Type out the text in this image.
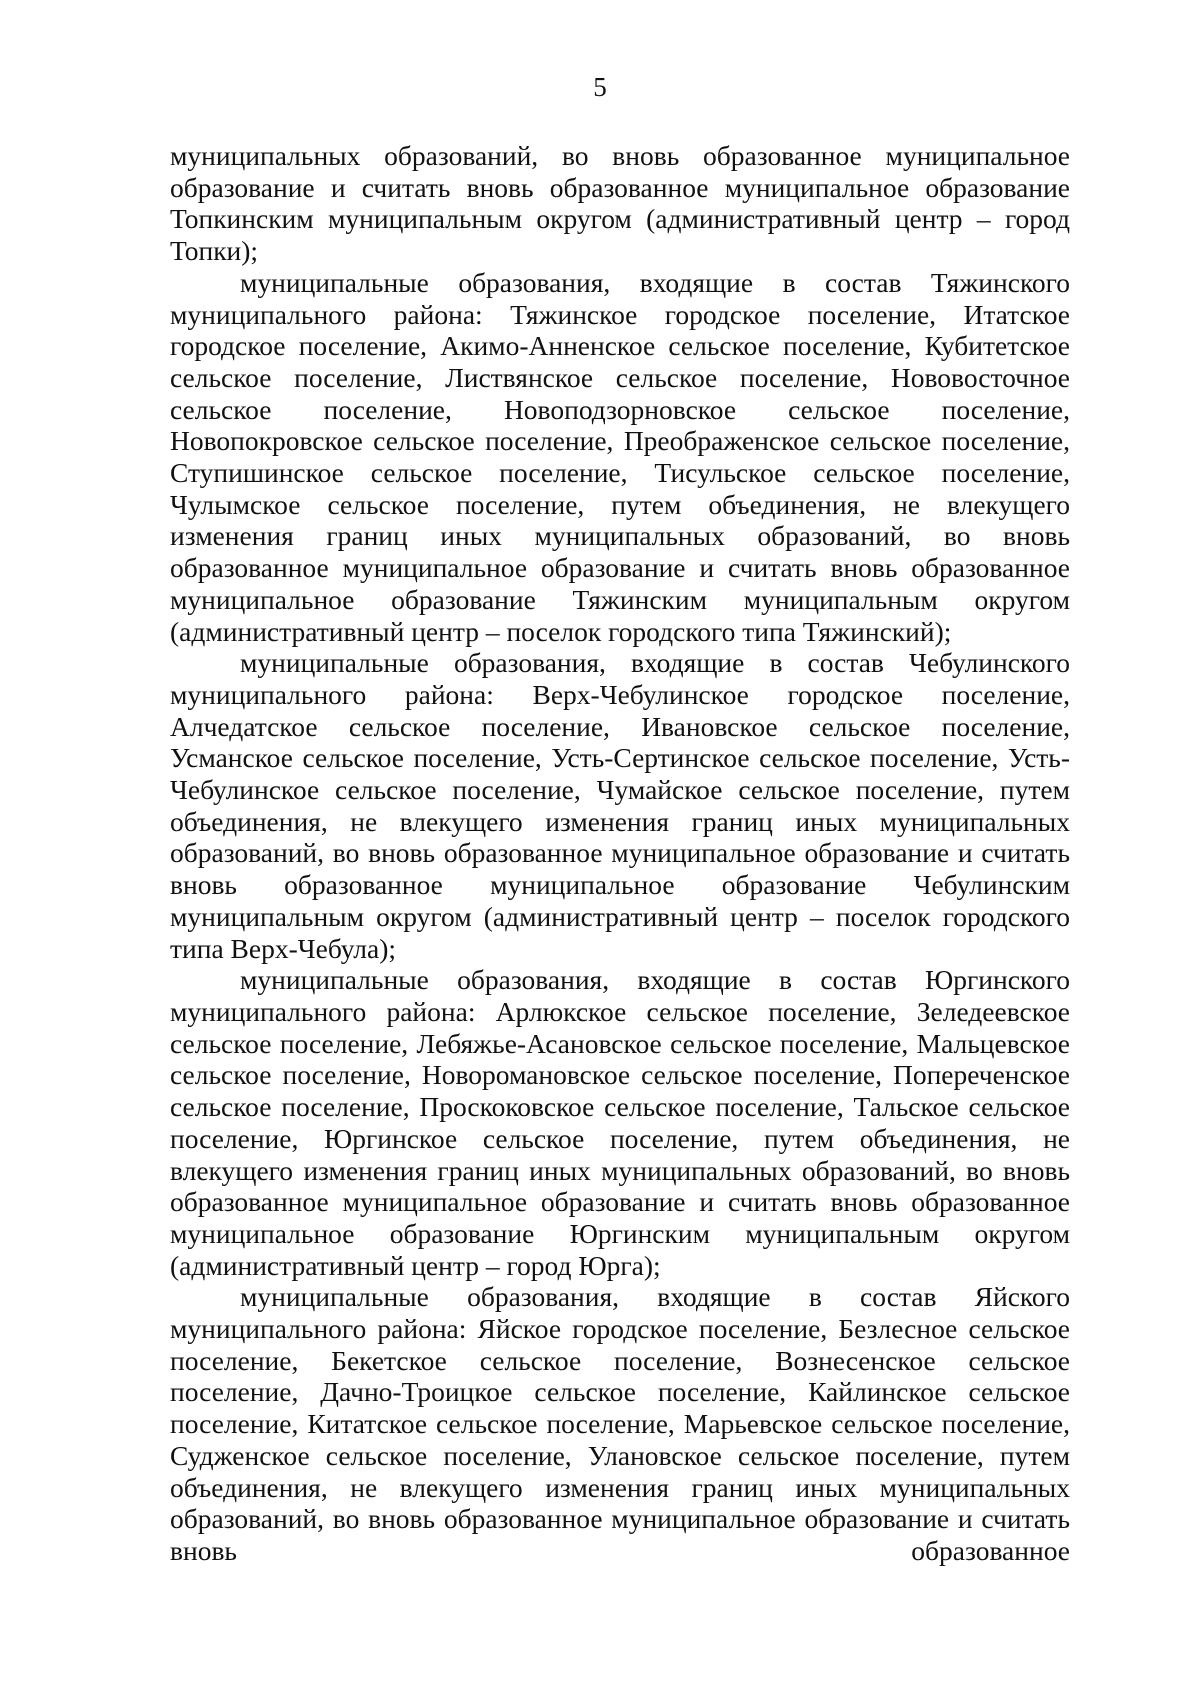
5

муниципальных образований, во вновь образованное муниципальное образование и считать вновь образованное муниципальное образование Топкинским муниципальным округом (административный центр – город Топки);

муниципальные образования, входящие в состав Тяжинского муниципального района: Тяжинское городское поселение, Итатское городское поселение, Акимо-Анненское сельское поселение, Кубитетское сельское поселение, Листвянское сельское поселение, Нововосточное сельское поселение, Новоподзорновское сельское поселение, Новопокровское сельское поселение, Преображенское сельское поселение, Ступишинское сельское поселение, Тисульское сельское поселение, Чулымское сельское поселение, путем объединения, не влекущего изменения границ иных муниципальных образований, во вновь образованное муниципальное образование и считать вновь образованное муниципальное образование Тяжинским муниципальным округом (административный центр – поселок городского типа Тяжинский);

муниципальные образования, входящие в состав Чебулинского муниципального района: Верх-Чебулинское городское поселение, Алчедатское сельское поселение, Ивановское сельское поселение, Усманское сельское поселение, Усть-Сертинское сельское поселение, Усть-Чебулинское сельское поселение, Чумайское сельское поселение, путем объединения, не влекущего изменения границ иных муниципальных образований, во вновь образованное муниципальное образование и считать вновь образованное муниципальное образование Чебулинским муниципальным округом (административный центр – поселок городского типа Верх-Чебула);

муниципальные образования, входящие в состав Юргинского муниципального района: Арлюкское сельское поселение, Зеледеевское сельское поселение, Лебяжье-Асановское сельское поселение, Мальцевское сельское поселение, Новоромановское сельское поселение, Попереченское сельское поселение, Проскоковское сельское поселение, Тальское сельское поселение, Юргинское сельское поселение, путем объединения, не влекущего изменения границ иных муниципальных образований, во вновь образованное муниципальное образование и считать вновь образованное муниципальное образование Юргинским муниципальным округом (административный центр – город Юрга);

муниципальные образования, входящие в состав Яйского муниципального района: Яйское городское поселение, Безлесное сельское поселение, Бекетское сельское поселение, Вознесенское сельское поселение, Дачно-Троицкое сельское поселение, Кайлинское сельское поселение, Китатское сельское поселение, Марьевское сельское поселение, Судженское сельское поселение, Улановское сельское поселение, путем объединения, не влекущего изменения границ иных муниципальных образований, во вновь образованное муниципальное образование и считать вновь образованное
